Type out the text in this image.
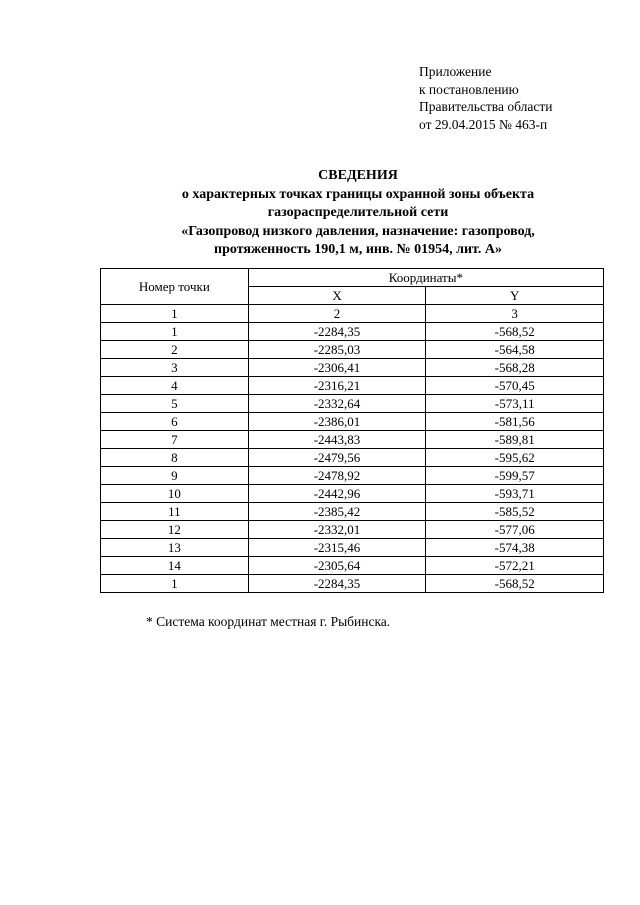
Приложение
к постановлению
Правительства области
от 29.04.2015 № 463-п
СВЕДЕНИЯ
о характерных точках границы охранной зоны объекта
газораспределительной сети
«Газопровод низкого давления, назначение: газопровод,
протяженность 190,1 м, инв. № 01954, лит. А»
Номер точки	Координаты*	
	X	Y
1	2	3
1	-2284,35	-568,52
2	-2285,03	-564,58
3	-2306,41	-568,28
4	-2316,21	-570,45
5	-2332,64	-573,11
6	-2386,01	-581,56
7	-2443,83	-589,81
8	-2479,56	-595,62
9	-2478,92	-599,57
10	-2442,96	-593,71
11	-2385,42	-585,52
12	-2332,01	-577,06
13	-2315,46	-574,38
14	-2305,64	-572,21
1	-2284,35	-568,52
* Система координат местная г. Рыбинска.
